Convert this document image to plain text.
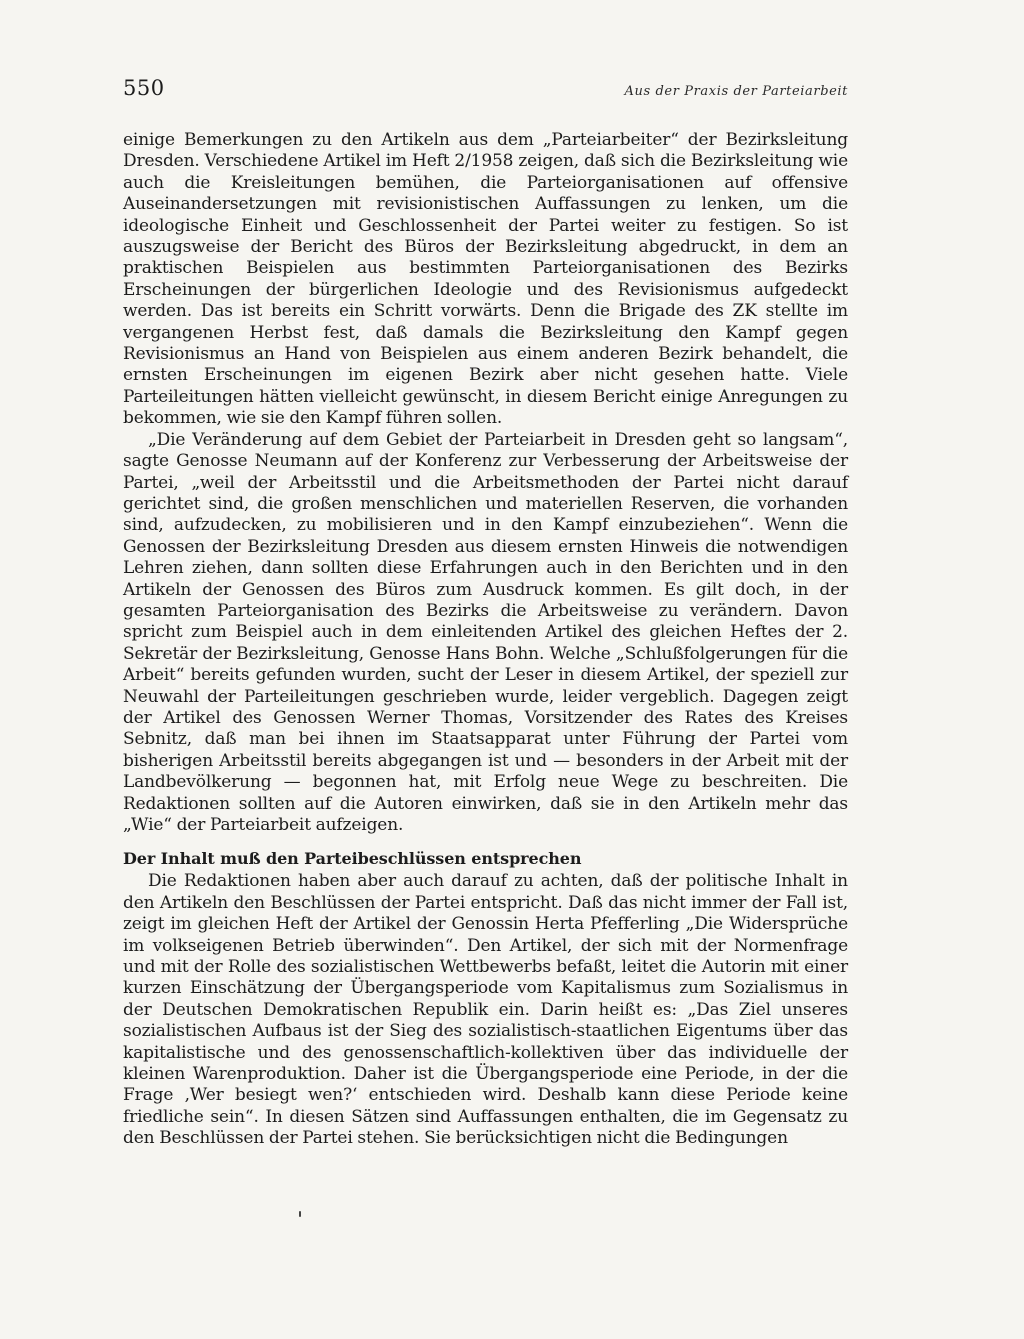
550	Aus der Praxis der Parteiarbeit

einige Bemerkungen zu den Artikeln aus dem „Parteiarbeiter“ der Bezirksleitung Dresden. Verschiedene Artikel im Heft 2/1958 zeigen, daß sich die Bezirksleitung wie auch die Kreisleitungen bemühen, die Parteiorganisationen auf offensive Auseinandersetzungen mit revisionistischen Auffassungen zu lenken, um die ideologische Einheit und Geschlossenheit der Partei weiter zu festigen. So ist auszugsweise der Bericht des Büros der Bezirksleitung abgedruckt, in dem an praktischen Beispielen aus bestimmten Parteiorganisationen des Bezirks Erscheinungen der bürgerlichen Ideologie und des Revisionismus aufgedeckt werden. Das ist bereits ein Schritt vorwärts. Denn die Brigade des ZK stellte im vergangenen Herbst fest, daß damals die Bezirksleitung den Kampf gegen Revisionismus an Hand von Beispielen aus einem anderen Bezirk behandelt, die ernsten Erscheinungen im eigenen Bezirk aber nicht gesehen hatte. Viele Parteileitungen hätten vielleicht gewünscht, in diesem Bericht einige Anregungen zu bekommen, wie sie den Kampf führen sollen.

„Die Veränderung auf dem Gebiet der Parteiarbeit in Dresden geht so langsam“, sagte Genosse Neumann auf der Konferenz zur Verbesserung der Arbeitsweise der Partei, „weil der Arbeitsstil und die Arbeitsmethoden der Partei nicht darauf gerichtet sind, die großen menschlichen und materiellen Reserven, die vorhanden sind, aufzudecken, zu mobilisieren und in den Kampf einzubeziehen“. Wenn die Genossen der Bezirksleitung Dresden aus diesem ernsten Hinweis die notwendigen Lehren ziehen, dann sollten diese Erfahrungen auch in den Berichten und in den Artikeln der Genossen des Büros zum Ausdruck kommen. Es gilt doch, in der gesamten Parteiorganisation des Bezirks die Arbeitsweise zu verändern. Davon spricht zum Beispiel auch in dem einleitenden Artikel des gleichen Heftes der 2. Sekretär der Bezirksleitung, Genosse Hans Bohn. Welche „Schlußfolgerungen für die Arbeit“ bereits gefunden wurden, sucht der Leser in diesem Artikel, der speziell zur Neuwahl der Parteileitungen geschrieben wurde, leider vergeblich. Dagegen zeigt der Artikel des Genossen Werner Thomas, Vorsitzender des Rates des Kreises Sebnitz, daß man bei ihnen im Staatsapparat unter Führung der Partei vom bisherigen Arbeitsstil bereits abgegangen ist und — besonders in der Arbeit mit der Landbevölkerung — begonnen hat, mit Erfolg neue Wege zu beschreiten. Die Redaktionen sollten auf die Autoren einwirken, daß sie in den Artikeln mehr das „Wie“ der Parteiarbeit aufzeigen.

Der Inhalt muß den Parteibeschlüssen entsprechen

Die Redaktionen haben aber auch darauf zu achten, daß der politische Inhalt in den Artikeln den Beschlüssen der Partei entspricht. Daß das nicht immer der Fall ist, zeigt im gleichen Heft der Artikel der Genossin Herta Pfefferling „Die Widersprüche im volkseigenen Betrieb überwinden“. Den Artikel, der sich mit der Normenfrage und mit der Rolle des sozialistischen Wettbewerbs befaßt, leitet die Autorin mit einer kurzen Einschätzung der Übergangsperiode vom Kapitalismus zum Sozialismus in der Deutschen Demokratischen Republik ein. Darin heißt es: „Das Ziel unseres sozialistischen Aufbaus ist der Sieg des sozialistisch-staatlichen Eigentums über das kapitalistische und des genossenschaftlich-kollektiven über das individuelle der kleinen Warenproduktion. Daher ist die Übergangsperiode eine Periode, in der die Frage ‚Wer besiegt wen?‘ entschieden wird. Deshalb kann diese Periode keine friedliche sein“. In diesen Sätzen sind Auffassungen enthalten, die im Gegensatz zu den Beschlüssen der Partei stehen. Sie berücksichtigen nicht die Bedingungen
